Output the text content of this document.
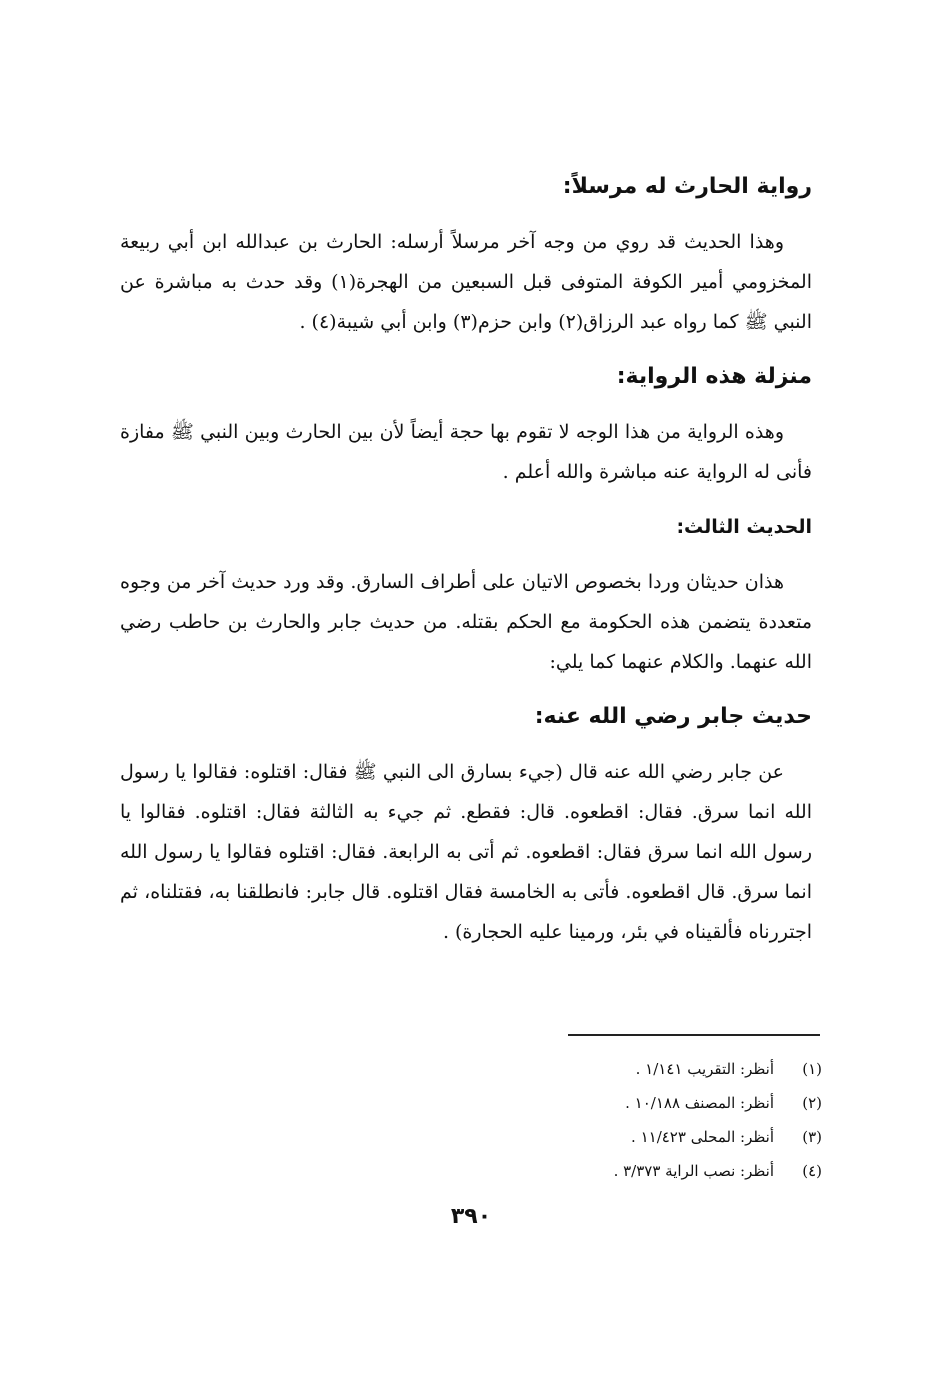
رواية الحارث له مرسلاً:

وهذا الحديث قد روي من وجه آخر مرسلاً أرسله: الحارث بن عبدالله ابن أبي ربيعة المخزومي أمير الكوفة المتوفى قبل السبعين من الهجرة(١) وقد حدث به مباشرة عن النبي ﷺ كما رواه عبد الرزاق(٢) وابن حزم(٣) وابن أبي شيبة(٤) .

منزلة هذه الرواية:

وهذه الرواية من هذا الوجه لا تقوم بها حجة أيضاً لأن بين الحارث وبين النبي ﷺ مفازة فأنى له الرواية عنه مباشرة والله أعلم .

الحديث الثالث:

هذان حديثان وردا بخصوص الاتيان على أطراف السارق. وقد ورد حديث آخر من وجوه متعددة يتضمن هذه الحكومة مع الحكم بقتله. من حديث جابر والحارث بن حاطب رضي الله عنهما. والكلام عنهما كما يلي:

حديث جابر رضي الله عنه:

عن جابر رضي الله عنه قال (جيء بسارق الى النبي ﷺ فقال: اقتلوه: فقالوا يا رسول الله انما سرق. فقال: اقطعوه. قال: فقطع. ثم جيء به الثالثة فقال: اقتلوه. فقالوا يا رسول الله انما سرق فقال: اقطعوه. ثم أتى به الرابعة. فقال: اقتلوه فقالوا يا رسول الله انما سرق. قال اقطعوه. فأتى به الخامسة فقال اقتلوه. قال جابر: فانطلقنا به، فقتلناه، ثم اجتررناه فألقيناه في بئر، ورمينا عليه الحجارة) .

(١)
أنظر: التقريب ١/١٤١ .
(٢)
أنظر: المصنف ١٠/١٨٨ .
(٣)
أنظر: المحلى ١١/٤٢٣ .
(٤)
أنظر: نصب الراية ٣/٣٧٣ .
٣٩٠
